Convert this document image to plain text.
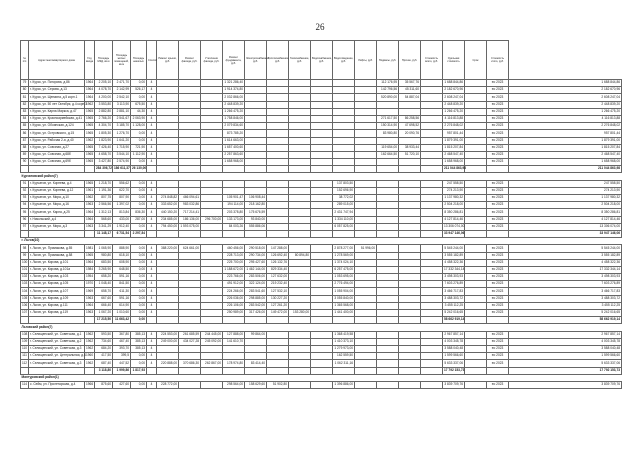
26
№ п/п	Адрес многоквартирного дома	Год ввода	Площадь МКД, кв.м	Площадь жилых помещений, кв.м	Площадь нежилых	Способ	Ремонт крыши, руб.	Ремонт фасада, руб.	Утепление фасада, руб.	Ремонт фундамента, руб.	Электроснабжение, руб.	Теплоснабжение, руб.	Газоснабжение, руб.	Водоснабжение, руб.	Водоотведение, руб.	Лифты, руб.	Подвалы, руб.	Прочие, руб.	Стоимость всего, руб.	Удельная стоимость	Срок	Стоимость итого, руб.	
79	г. Курск, ул. Пигорова, д.86	1964	2 205,10	2 471,70	0,00	4				1 321 286,40							112 176,95	35 567,76		1 688 844,86		ео 2023	1 688 844,86
80	г. Курск, ул. Серова, д.13	1964	4 078,70	2 142,99	526,17	4				1 914 374,80							142 796,56	45 311,60		2 182 670,96		ео 2023	2 182 670,96
81	г. Курск, ул. Щепкина, д.5 корп.1	1964	4 200,00	2 542,10	0,00	4				2 032 866,00							520 890,00	54 887,04		2 608 247,04		ео 2023	2 608 247,04
82	г. Курск, ул. 50 лет Октября, д.4 корп.3	1962	3 553,80	3 113,90	675,50	4				2 448 839,20										2 448 839,20		ео 2023	2 448 839,20
83	г. Курск, ул. Карла Маркса, д.47	1965	2 882,80	2 881,10	44,30	4				1 266 475,20										1 266 475,20		ео 2023	1 266 475,20
84	г. Курск, ул. Красноармейская, д.41	1965	2 766,20	2 541,67	2 063,90	4				1 758 846,00							271 617,50	86 258,56		4 116 813,88		ео 2023	4 116 813,88
85	г. Курск, ул. Обоянская, д.124	1965	4 304,70	3 185,70	1 128,00	4				2 079 834,60							150 314,90	47 698,52		2 276 848,02		ео 2023	2 276 848,02
86	г. Курск, ул. Островского, д.15	1965	1 805,30	1 276,70	0,00	4				873 785,20							83 980,80	20 090,76		957 801,44		ео 2023	957 801,44
87	г. Курск, ул. Рабочая 2-я, д.40	1962	1 823,90	1 641,20	0,00	4				1 614 663,00										1 879 391,00		ео 2023	1 879 391,00
88	г. Курск, ул. Союзная, д.27	1965	7 426,40	1 715,90	721,90	4				1 657 400,60							119 654,00	38 933,44		1 815 207,84		ео 2023	1 815 207,84
89	г. Курск, ул. Союзная, д.68б	1965	4 658,70	3 544,10	1 112,90	4				2 257 863,60							162 664,50	51 720,10		2 468 547,40		ео 2023	2 468 547,40
90	г. Курск, ул. Союзная, д.69б	1965	3 427,80	2 574,90	0,00	4				1 658 968,00										1 658 968,00		ео 2023	1 658 968,00
			284 306,72	186 611,37	26 130,00															211 044 863,98			211 044 863,98
Курчатовский район(7)																							
91	г. Курчатов, ул. Корнева, д.4	1965	1 218,70	556,62	0,00	4									137 803,50					247 558,50		ео 2023	247 558,50
92	г. Курчатов, ул. Корнева, д.12	1961	1 191,36	622,70	0,00	4									152 696,90					274 213,90		ео 2023	274 213,90
93	г. Курчатов, ул. Мира, д.10	1962	807,75	807,90	0,00	4	274 848,82	466 094,61		105 901,47	106 908,44				38 772,02					1 137 980,32		ео 2023	1 137 980,32
94	г. Курчатов, ул. Мира, д.16	1963	2 566,56	1 397,02	0,00	4	333 652,00	983 032,86		194 114,00	218 162,80				289 015,00					2 504 218,00		ео 2023	2 504 218,00
95	г. Курчатов, ул. Карла, д.25	1964	1 312,13	813,84	836,30	4	440 150,20	717 214,41		203 378,80	175 676,59				2 431 747,94					8 350 286,81		ео 2023	8 350 286,81
96	г. Никольский, д.4	1964	568,60	433,00	287,00	4	234 685,00	186 136,00	296 700,00	133 173,00	93 840,00				1 334 110,00					4 127 814,46		ео 2023	4 127 814,46
97	г. Курчатов, ул. Мира, д.3	1963	3 341,29	1 912,40	0,00	4	794 450,00	1 593 075,00		84 003,26	555 886,06				6 057 825,00					13 306 074,00		ео 2023	13 306 074,00
			11 148,17	6 731,54	2 297,84															33 947 146,06			33 947 146,06
г. Льгов(10)																							
98	г. Льгов, ул. Примакова, д.55	1981	1 065,90	888,90	0,00	4	388 220,00	624 661,00		460 456,00	290 518,00	147 288,00			2 878 277,00	51 996,00				5 545 244,00		ео 2023	5 545 244,00
99	г. Льгов, ул. Примакова, д.58	1965	980,80	618,10	0,00	4				228 713,00	290 734,00	126 692,40	80 894,80		1 278 569,00					3 555 182,89		ео 2023	3 555 182,89
100	г. Льгов, ул. Кирова, д.101	1964	683,50	608,90	0,00	4				225 700,00	295 427,60	126 132,76			1 374 024,10					4 458 322,36		ео 2023	4 458 322,36
101	г. Льгов, ул. Кирова, д.101а	1984	3 265,90	648,50	0,00	4				1 188 672,00	1 462 144,00	829 334,40			6 257 475,00					17 332 344,14		ео 2023	17 332 344,14
102	г. Льгов, ул. Кирова, д.103	1954	658,20	591,16	0,00	4				223 766,00	283 506,00	127 632,00			1 053 695,00					3 498 303,93		ео 2023	3 498 303,93
103	г. Льгов, ул. Кирова, д.105	1970	1 048,40	841,50	0,00	4				491 912,00	322 124,00	219 232,40			2 776 494,00					7 603 276,89		ео 2023	7 603 276,89
104	г. Льгов, ул. Кирова, д.107	1969	658,70	611,30	0,00	4				224 266,00	283 541,60	127 532,10			1 055 904,00					3 466 717,83		ео 2023	3 466 717,83
105	г. Льгов, ул. Кирова, д.109	1963	667,60	591,16	0,00	4				226 036,00	298 885,00	130 227,20			3 055 840,00					3 488 303,72		ео 2023	3 488 303,72
106	г. Льгов, ул. Кирова, д.111	1964	666,40	614,90	0,00	4				226 106,00	283 542,00	127 261,20			1 365 568,00					3 455 112,25		ео 2023	3 455 112,25
107	г. Льгов, ул. Кирова, д.119	1963	1 067,20	1 010,60	0,00	4				250 989,00	317 426,00	149 472,00	153 280,00		1 441 400,00					5 242 016,65		ео 2023	5 242 016,65
			17 215,50	11 663,42	0,00															58 662 919,14			58 662 919,14
Льговский район(7)																							
108	г. Селищенский, ул. Советская, д.1	1962	593,50	367,80	385,13	4	224 553,00	261 685,59	244 445,00	127 888,00	99 864,00				1 368 419,58					2 967 857,14		ео 2023	2 967 857,14
109	г. Селищенский, ул. Советская, д.2	1962	734,60	467,40	385,13	4	249 000,00	434 027,28	245 092,00	141 610,70					1 410 373,10					4 003 345,78		ео 2023	4 003 345,78
110	г. Селищенский, ул. Советская, д.3	1962	684,20	393,70	385,13	4									1 279 973,00					3 588 040,48		ео 2023	3 588 040,48
111	г. Селищенский, ул. Центральная, д.4	1960	417,50	399,5	0,00	4									162 559,50					1 599 566,60		ео 2023	1 599 566,60
112	г. Селищенский, ул. Советская, д.3	1962	687,40	447,52	0,00	4	220 888,00	370 686,30	262 867,00	178 974,80	83 414,40				1 062 311,16					5 633 337,06		ео 2023	5 633 337,06
			3 118,80	1 999,86	1 817,93															17 792 153,73			17 792 153,73
Мантуровский район(1)																							
114	с. Сейм, ул. Пролетарская, д.4	1966	875,60	427,60	0,00	4	228 772,00			298 564,00	158 629,60	51 902,80			1 396 886,00					3 839 709,76		ео 2023	3 839 709,76
